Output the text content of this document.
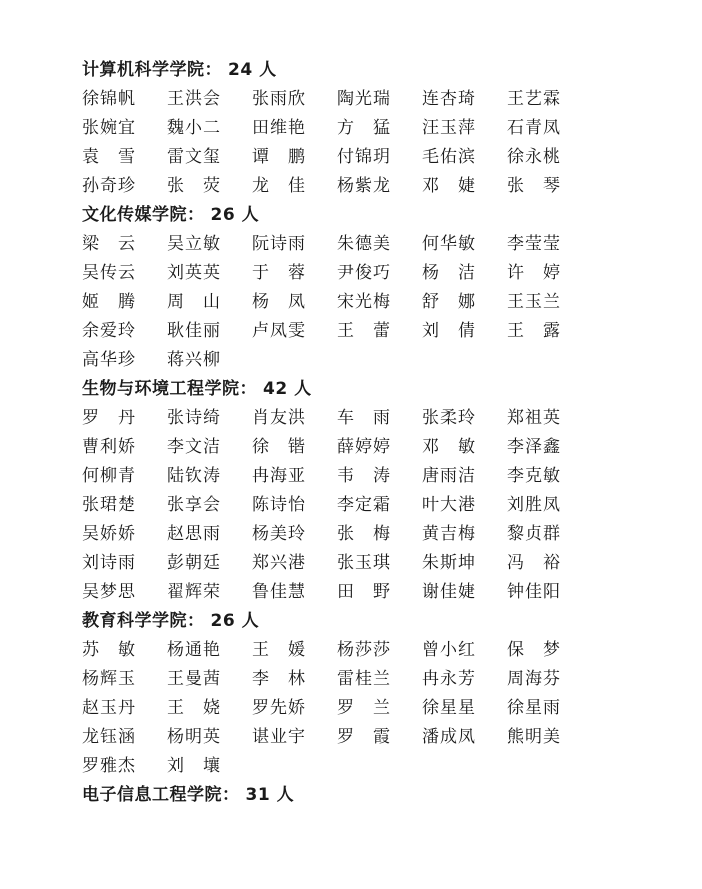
计算机科学学院： 24 人
徐锦帆	王洪会	张雨欣	陶光瑞	连杏琦	王艺霖
张婉宜	魏小二	田维艳	方　猛	汪玉萍	石青凤
袁　雪	雷文玺	谭　鹏	付锦玥	毛佑滨	徐永桃
孙奇珍	张　荧	龙　佳	杨紫龙	邓　婕	张　琴
文化传媒学院： 26 人
梁　云	吴立敏	阮诗雨	朱德美	何华敏	李莹莹
吴传云	刘英英	于　蓉	尹俊巧	杨　洁	许　婷
姬　腾	周　山	杨　凤	宋光梅	舒　娜	王玉兰
余爱玲	耿佳丽	卢凤雯	王　蕾	刘　倩	王　露
高华珍	蒋兴柳
生物与环境工程学院： 42 人
罗　丹	张诗绮	肖友洪	车　雨	张柔玲	郑祖英
曹利娇	李文洁	徐　锴	薛婷婷	邓　敏	李泽鑫
何柳青	陆钦涛	冉海亚	韦　涛	唐雨洁	李克敏
张珺楚	张享会	陈诗怡	李定霜	叶大港	刘胜凤
吴娇娇	赵思雨	杨美玲	张　梅	黄吉梅	黎贞群
刘诗雨	彭朝廷	郑兴港	张玉琪	朱斯坤	冯　裕
吴梦思	翟辉荣	鲁佳慧	田　野	谢佳婕	钟佳阳
教育科学学院： 26 人
苏　敏	杨通艳	王　媛	杨莎莎	曾小红	保　梦
杨辉玉	王曼茜	李　林	雷桂兰	冉永芳	周海芬
赵玉丹	王　娆	罗先娇	罗　兰	徐星星	徐星雨
龙钰涵	杨明英	谌业宇	罗　霞	潘成凤	熊明美
罗雅杰	刘　壤
电子信息工程学院： 31 人
